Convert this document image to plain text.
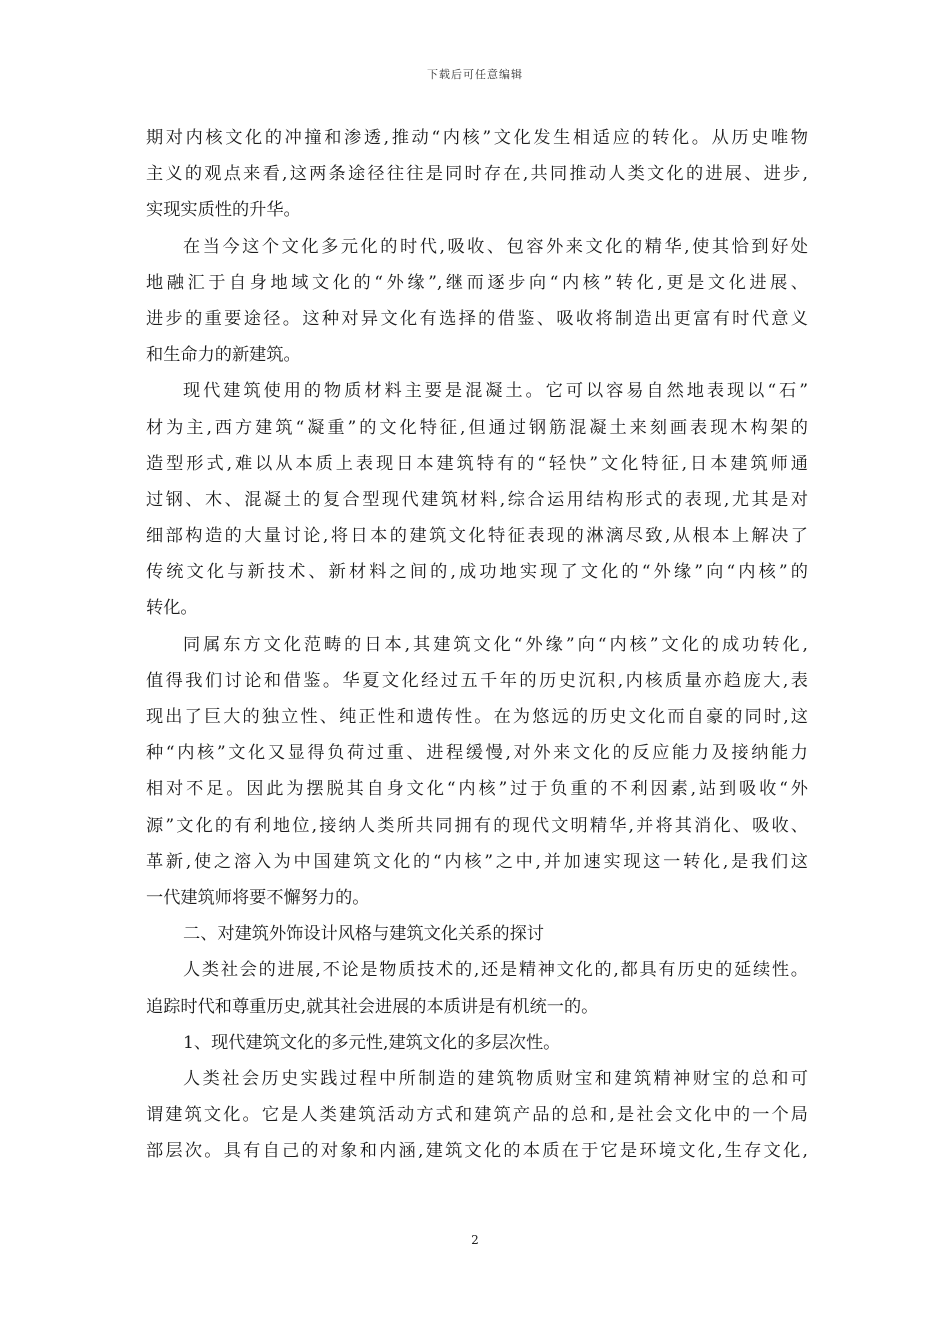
下载后可任意编辑
期对内核文化的冲撞和渗透,推动“内核”文化发生相适应的转化。从历史唯物
主义的观点来看,这两条途径往往是同时存在,共同推动人类文化的进展、进步,
实现实质性的升华。
在当今这个文化多元化的时代,吸收、包容外来文化的精华,使其恰到好处
地融汇于自身地域文化的“外缘”,继而逐步向“内核”转化,更是文化进展、
进步的重要途径。这种对异文化有选择的借鉴、吸收将制造出更富有时代意义
和生命力的新建筑。
现代建筑使用的物质材料主要是混凝土。它可以容易自然地表现以“石”
材为主,西方建筑“凝重”的文化特征,但通过钢筋混凝土来刻画表现木构架的
造型形式,难以从本质上表现日本建筑特有的“轻快”文化特征,日本建筑师通
过钢、木、混凝土的复合型现代建筑材料,综合运用结构形式的表现,尤其是对
细部构造的大量讨论,将日本的建筑文化特征表现的淋漓尽致,从根本上解决了
传统文化与新技术、新材料之间的,成功地实现了文化的“外缘”向“内核”的
转化。
同属东方文化范畴的日本,其建筑文化“外缘”向“内核”文化的成功转化,
值得我们讨论和借鉴。华夏文化经过五千年的历史沉积,内核质量亦趋庞大,表
现出了巨大的独立性、纯正性和遗传性。在为悠远的历史文化而自豪的同时,这
种“内核”文化又显得负荷过重、进程缓慢,对外来文化的反应能力及接纳能力
相对不足。因此为摆脱其自身文化“内核”过于负重的不利因素,站到吸收“外
源”文化的有利地位,接纳人类所共同拥有的现代文明精华,并将其消化、吸收、
革新,使之溶入为中国建筑文化的“内核”之中,并加速实现这一转化,是我们这
一代建筑师将要不懈努力的。
二、对建筑外饰设计风格与建筑文化关系的探讨
人类社会的进展,不论是物质技术的,还是精神文化的,都具有历史的延续性。
追踪时代和尊重历史,就其社会进展的本质讲是有机统一的。
1、现代建筑文化的多元性,建筑文化的多层次性。
人类社会历史实践过程中所制造的建筑物质财宝和建筑精神财宝的总和可
谓建筑文化。它是人类建筑活动方式和建筑产品的总和,是社会文化中的一个局
部层次。具有自己的对象和内涵,建筑文化的本质在于它是环境文化,生存文化,
2
